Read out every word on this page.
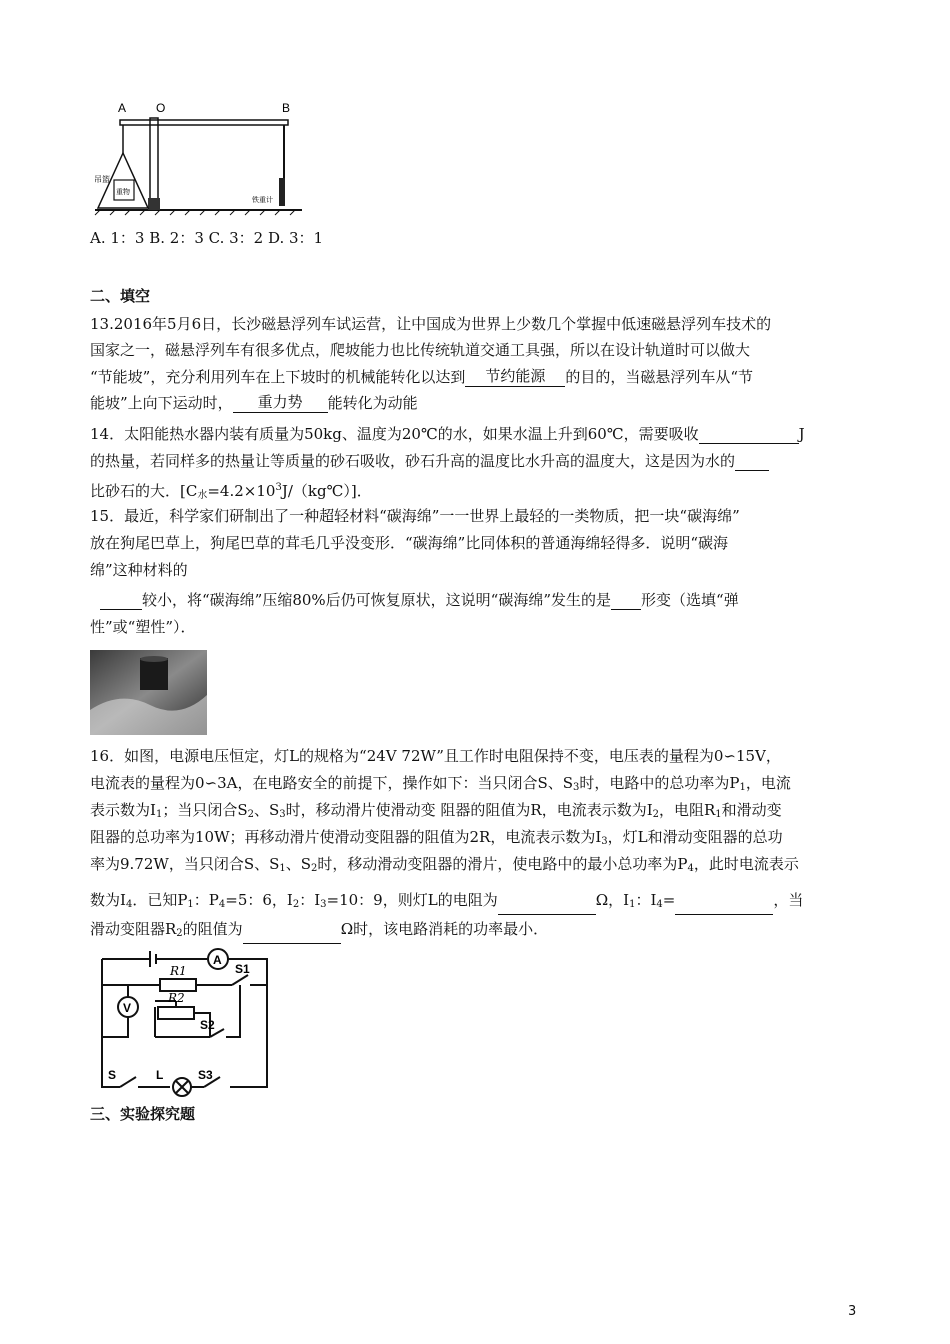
A O	B
吊篮
重物
铁重计
A. 1：3 B. 2：3 C. 3：2 D. 3：1
二、填空
13.2016年5月6日，长沙磁悬浮列车试运营，让中国成为世界上少数几个掌握中低速磁悬浮列车技术的
国家之一，磁悬浮列车有很多优点，爬坡能力也比传统轨道交通工具强，所以在设计轨道时可以做大
“节能坡”，充分利用列车在上下坡时的机械能转化以达到 节约能源 的目的，当磁悬浮列车从“节
能坡”上向下运动时， 重力势 能转化为动能
14．太阳能热水器内装有质量为50kg、温度为20℃的水，如果水温上升到60℃，需要吸收	J
的热量，若同样多的热量让等质量的砂石吸收，砂石升高的温度比水升高的温度大，这是因为水的
比砂石的大．$[C_水=4.2\times 10^3J/(kg℃)]$．
15．最近，科学家们研制出了一种超轻材料“碳海绵”一一世界上最轻的一类物质，把一块“碳海绵”
放在狗尾巴草上，狗尾巴草的茸毛几乎没变形．“碳海绵”比同体积的普通海绵轻得多．说明“碳海
绵”这种材料的
较小，将“碳海绵”压缩80%后仍可恢复原状，这说明“碳海绵”发生的是 形变（选填“弹
性”或“塑性”）．
16．如图，电源电压恒定，灯L的规格为“24V 72W”且工作时电阻保持不变，电压表的量程为0∽15V，
电流表的量程为0∽3A，在电路安全的前提下，操作如下：当只闭合S、$S_3$时，电路中的总功率为$P_1$，电流
表示数为$I_1$；当只闭合$S_2$、$S_3$时，移动滑片使滑动变 阻器的阻值为R，电流表示数为$I_2$，电阻$R_1$和滑动变
阻器的总功率为10W；再移动滑片使滑动变阻器的阻值为2R，电流表示数为$I_3$，灯L和滑动变阻器的总功
率为9.72W，当只闭合S、$S_1$、$S_2$时，移动滑动变阻器的滑片，使电路中的最小总功率为$P_4$，此时电流表示
数为$I_4$．已知$P_1$：$P_4=5$：6，$I_2$：$I_3=10$：9，则灯L的电阻为	Ω，$I_1$：$I_4=$	，当
滑动变阻器$R_2$的阻值为	Ω时，该电路消耗的功率最小．
R1
R2
A
V
S1
S2
S3
S	L
三、实验探究题
3
